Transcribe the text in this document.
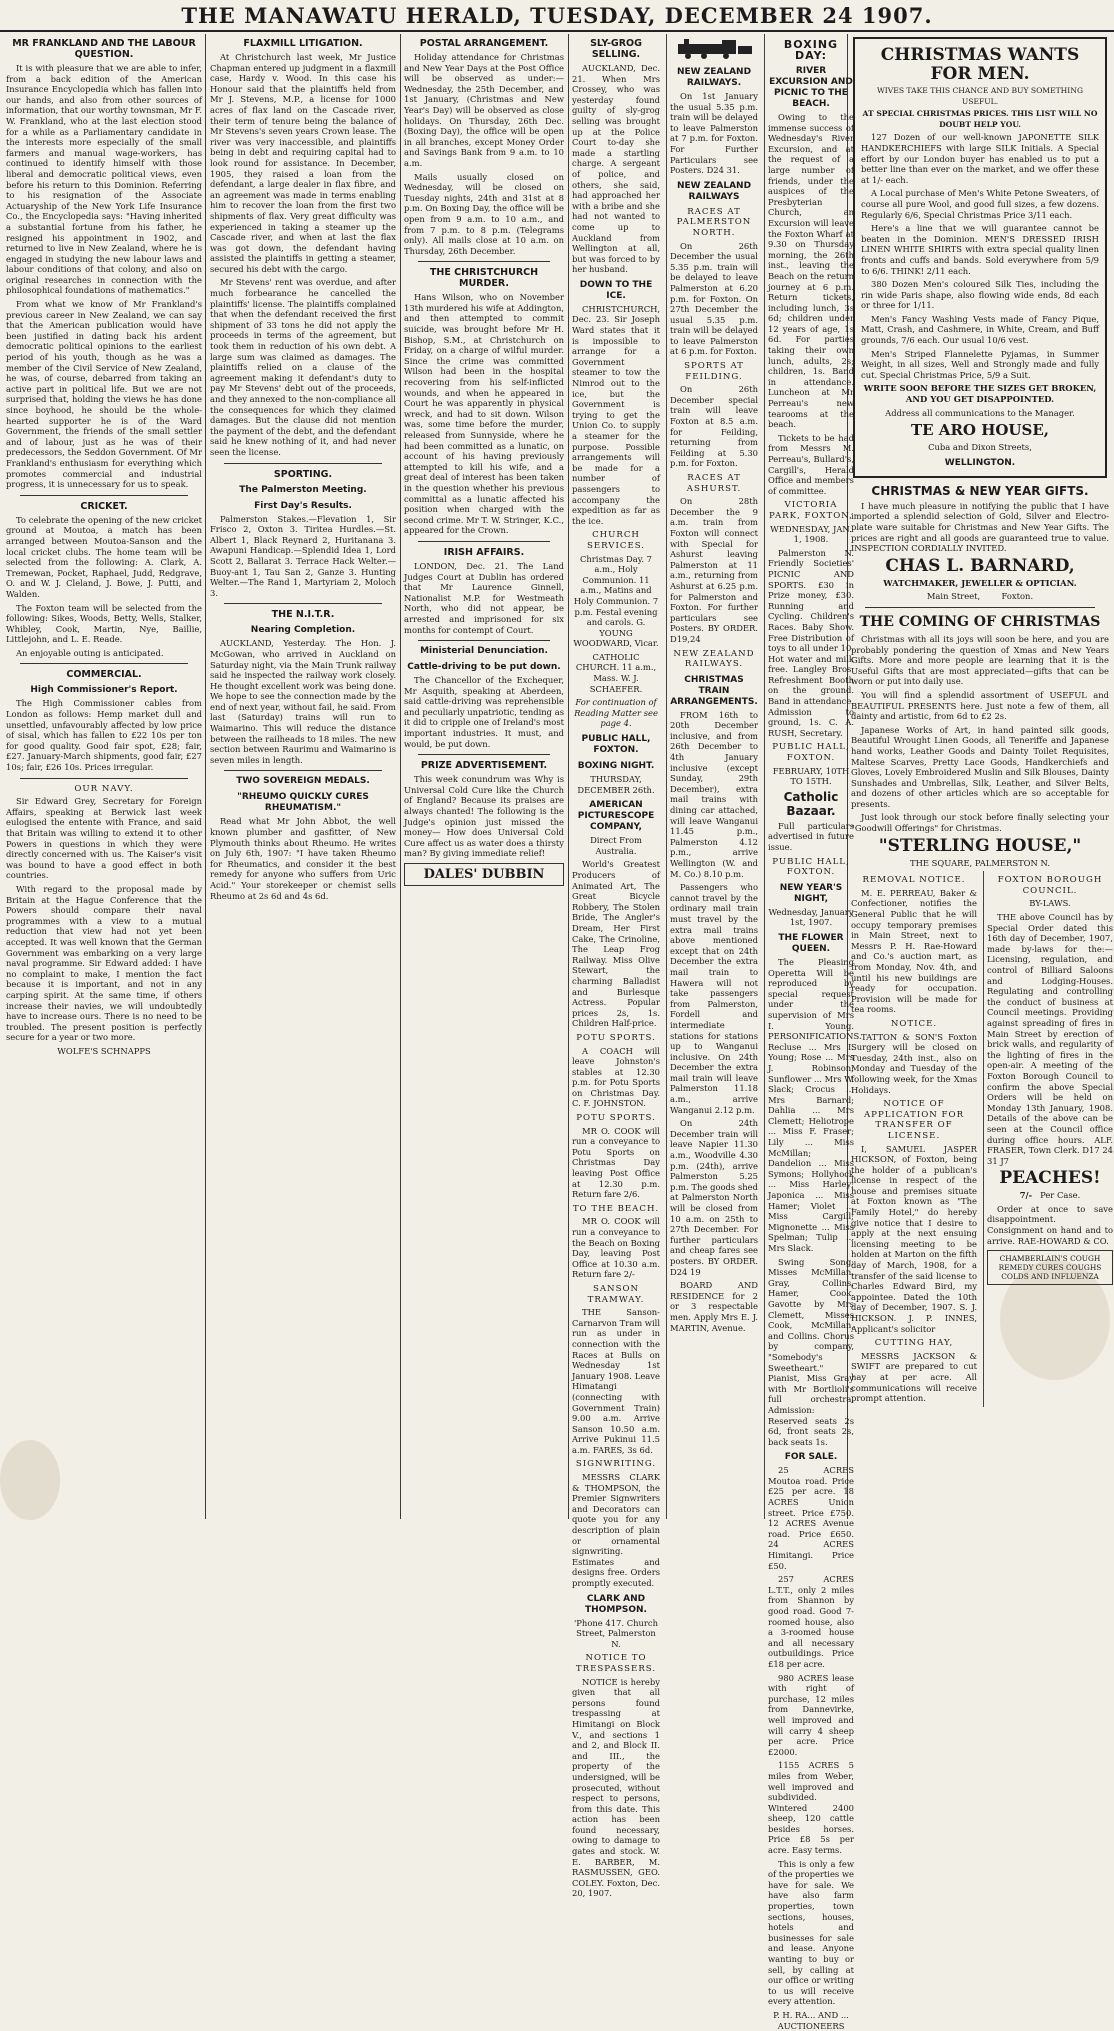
THE MANAWATU HERALD, TUESDAY, DECEMBER 24 1907.
MR FRANKLAND AND THE LABOUR QUESTION.

It is with pleasure that we are able to infer, from a back edition of the American Insurance Encyclopedia which has fallen into our hands, and also from other sources of information, that our worthy townsman, Mr F. W. Frankland, who at the last election stood for a while as a Parliamentary candidate in the interests more especially of the small farmers and manual wage-workers, has continued to identify himself with those liberal and democratic political views, even before his return to this Dominion. Referring to his resignation of the Associate Actuaryship of the New York Life Insurance Co., the Encyclopedia says: "Having inherited a substantial fortune from his father, he resigned his appointment in 1902, and returned to live in New Zealand, where he is engaged in studying the new labour laws and labour conditions of that colony, and also on original researches in connection with the philosophical foundations of mathematics."

From what we know of Mr Frankland's previous career in New Zealand, we can say that the American publication would have been justified in dating back his ardent democratic political opinions to the earliest period of his youth, though as he was a member of the Civil Service of New Zealand, he was, of course, debarred from taking an active part in political life. But we are not surprised that, holding the views he has done since boyhood, he should be the whole-hearted supporter he is of the Ward Government, the friends of the small settler and of labour, just as he was of their predecessors, the Seddon Government. Of Mr Frankland's enthusiasm for everything which promotes commercial and industrial progress, it is unnecessary for us to speak.

CRICKET.

To celebrate the opening of the new cricket ground at Moutoa, a match has been arranged between Moutoa-Sanson and the local cricket clubs. The home team will be selected from the following: A. Clark, A. Tremewan, Pocket, Raphael, Judd, Redgrave, O. and W. J. Cleland, J. Bowe, J. Putti, and Walden.

The Foxton team will be selected from the following: Sikes, Woods, Betty, Wells, Stalker, Whibley, Cook, Martin, Nye, Baillie, Littlejohn, and L. E. Reade.

An enjoyable outing is anticipated.

COMMERCIAL.
High Commissioner's Report.

The High Commissioner cables from London as follows: Hemp market dull and unsettled, unfavourably affected by low price of sisal, which has fallen to £22 10s per ton for good quality. Good fair spot, £28; fair, £27. January-March shipments, good fair, £27 10s; fair, £26 10s. Prices irregular.

OUR NAVY.

Sir Edward Grey, Secretary for Foreign Affairs, speaking at Berwick last week eulogised the entente with France, and said that Britain was willing to extend it to other Powers in questions in which they were directly concerned with us. The Kaiser's visit was bound to have a good effect in both countries.

With regard to the proposal made by Britain at the Hague Conference that the Powers should compare their naval programmes with a view to a mutual reduction that view had not yet been accepted. It was well known that the German Government was embarking on a very large naval programme. Sir Edward added: I have no complaint to make, I mention the fact because it is important, and not in any carping spirit. At the same time, if others increase their navies, we will undoubtedly have to increase ours. There is no need to be troubled. The present position is perfectly secure for a year or two more.

WOLFE'S SCHNAPPS

FLAXMILL LITIGATION.

At Christchurch last week, Mr Justice Chapman entered up judgment in a flaxmill case, Hardy v. Wood. In this case his Honour said that the plaintiffs held from Mr J. Stevens, M.P., a license for 1000 acres of flax land on the Cascade river, their term of tenure being the balance of Mr Stevens's seven years Crown lease. The river was very inaccessible, and plaintiffs being in debt and requiring capital had to look round for assistance. In December, 1905, they raised a loan from the defendant, a large dealer in flax fibre, and an agreement was made in terms enabling him to recover the loan from the first two shipments of flax. Very great difficulty was experienced in taking a steamer up the Cascade river, and when at last the flax was got down, the defendant having assisted the plaintiffs in getting a steamer, secured his debt with the cargo.

Mr Stevens' rent was overdue, and after much forbearance he cancelled the plaintiffs' license. The plaintiffs complained that when the defendant received the first shipment of 33 tons he did not apply the proceeds in terms of the agreement, but took them in reduction of his own debt. A large sum was claimed as damages. The plaintiffs relied on a clause of the agreement making it defendant's duty to pay Mr Stevens' debt out of the proceeds, and they annexed to the non-compliance all the consequences for which they claimed damages. But the clause did not mention the payment of the debt, and the defendant said he knew nothing of it, and had never seen the license.

SPORTING.
The Palmerston Meeting.
First Day's Results.

Palmerston Stakes.—Flevation 1, Sir Frisco 2, Oxton 3. Tiritea Hurdles.—St. Albert 1, Black Reynard 2, Huritanana 3. Awapuni Handicap.—Splendid Idea 1, Lord Scott 2, Ballarat 3. Terrace Hack Welter.—Buoy-ant 1, Tau San 2, Ganze 3. Hunting Welter.—The Rand 1, Martyriam 2, Moloch 3.

THE N.I.T.R.
Nearing Completion.

AUCKLAND, Yesterday. The Hon. J. McGowan, who arrived in Auckland on Saturday night, via the Main Trunk railway said he inspected the railway work closely. He thought excellent work was being done. We hope to see the connection made by the end of next year, without fail, he said. From last (Saturday) trains will run to Waimarino. This will reduce the distance between the railheads to 18 miles. The new section between Raurimu and Waimarino is seven miles in length.

TWO SOVEREIGN MEDALS.
"RHEUMO QUICKLY CURES RHEUMATISM."

Read what Mr John Abbot, the well known plumber and gasfitter, of New Plymouth thinks about Rheumo. He writes on July 6th, 1907: "I have taken Rheumo for Rheumatics, and consider it the best remedy for anyone who suffers from Uric Acid." Your storekeeper or chemist sells Rheumo at 2s 6d and 4s 6d.

POSTAL ARRANGEMENT.

Holiday attendance for Christmas and New Year Days at the Post Office will be observed as under:—Wednesday, the 25th December, and 1st January, (Christmas and New Year's Day) will be observed as close holidays. On Thursday, 26th Dec. (Boxing Day), the office will be open in all branches, except Money Order and Savings Bank from 9 a.m. to 10 a.m.

Mails usually closed on Wednesday, will be closed on Tuesday nights, 24th and 31st at 8 p.m. On Boxing Day, the office will be open from 9 a.m. to 10 a.m., and from 7 p.m. to 8 p.m. (Telegrams only). All mails close at 10 a.m. on Thursday, 26th December.

THE CHRISTCHURCH MURDER.

Hans Wilson, who on November 13th murdered his wife at Addington, and then attempted to commit suicide, was brought before Mr H. Bishop, S.M., at Christchurch on Friday, on a charge of wilful murder. Since the crime was committed Wilson had been in the hospital recovering from his self-inflicted wounds, and when he appeared in Court he was apparently in physical wreck, and had to sit down. Wilson was, some time before the murder, released from Sunnyside, where he had been committed as a lunatic, on account of his having previously attempted to kill his wife, and a great deal of interest has been taken in the question whether his previous committal as a lunatic affected his position when charged with the second crime. Mr T. W. Stringer, K.C., appeared for the Crown.

IRISH AFFAIRS.

LONDON, Dec. 21. The Land Judges Court at Dublin has ordered that Mr Laurence Ginnell, Nationalist M.P. for Westmeath North, who did not appear, be arrested and imprisoned for six months for contempt of Court.

Ministerial Denunciation.
Cattle-driving to be put down.

The Chancellor of the Exchequer, Mr Asquith, speaking at Aberdeen, said cattle-driving was reprehensible and peculiarly unpatriotic, tending as it did to cripple one of Ireland's most important industries. It must, and would, be put down.

PRIZE ADVERTISEMENT.

This week conundrum was Why is Universal Cold Cure like the Church of England? Because its praises are always chanted! The following is the Judge's opinion just missed the money— How does Universal Cold Cure affect us as water does a thirsty man? By giving immediate relief!

DALES' DUBBIN
SLY-GROG SELLING.

AUCKLAND, Dec. 21. When Mrs Crossey, who was yesterday found guilty of sly-grog selling was brought up at the Police Court to-day she made a startling charge. A sergeant of police, and others, she said, had approached her with a bribe and she had not wanted to come up to Auckland from Wellington at all, but was forced to by her husband.

DOWN TO THE ICE.

CHRISTCHURCH, Dec. 23. Sir Joseph Ward states that it is impossible to arrange for a Government steamer to tow the Nimrod out to the ice, but the Government is trying to get the Union Co. to supply a steamer for the purpose. Possible arrangements will be made for a number of passengers to accompany the expedition as far as the ice.

CHURCH SERVICES.

Christmas Day. 7 a.m., Holy Communion. 11 a.m., Matins and Holy Communion. 7 p.m. Festal evening and carols. G. YOUNG WOODWARD, Vicar.

CATHOLIC CHURCH. 11 a.m., Mass. W. J. SCHAEFER.

For continuation of Reading Matter see page 4.

PUBLIC HALL, FOXTON.
BOXING NIGHT.

THURSDAY, DECEMBER 26th.

AMERICAN PICTURESCOPE COMPANY,

Direct From Australia.

World's Greatest Producers of Animated Art, The Great Bicycle Robbery, The Stolen Bride, The Angler's Dream, Her First Cake, The Crinoline, The Leap Frog Railway. Miss Olive Stewart, the charming Balladist and Burlesque Actress. Popular prices 2s, 1s. Children Half-price.

POTU SPORTS.

A COACH will leave Johnston's stables at 12.30 p.m. for Potu Sports on Christmas Day. C. F. JOHNSTON.

POTU SPORTS.

MR O. COOK will run a conveyance to Potu Sports on Christmas Day leaving Post Office at 12.30 p.m. Return fare 2/6.

TO THE BEACH.

MR O. COOK will run a conveyance to the Beach on Boxing Day, leaving Post Office at 10.30 a.m. Return fare 2/-

SANSON TRAMWAY.

THE Sanson-Carnarvon Tram will run as under in connection with the Races at Bulls on Wednesday 1st January 1908. Leave Himatangi (connecting with Government Train) 9.00 a.m. Arrive Sanson 10.50 a.m. Arrive Pukinui 11.5 a.m. FARES, 3s 6d.

SIGNWRITING.

MESSRS CLARK & THOMPSON, the Premier Signwriters and Decorators can quote you for any description of plain or ornamental signwriting. Estimates and designs free. Orders promptly executed.

CLARK AND THOMPSON.

'Phone 417. Church Street, Palmerston N.

NOTICE TO TRESPASSERS.

NOTICE is hereby given that all persons found trespassing at Himitangi on Block V., and sections 1 and 2, and Block II. and III., the property of the undersigned, will be prosecuted, without respect to persons, from this date. This action has been found necessary, owing to damage to gates and stock. W. E. BARBER, M. RASMUSSEN, GEO. COLEY. Foxton, Dec. 20, 1907.

NEW ZEALAND RAILWAYS.

On 1st January the usual 5.35 p.m. train will be delayed to leave Palmerston at 7 p.m. for Foxton. For Further Particulars see Posters. D24 31.

NEW ZEALAND RAILWAYS
RACES AT PALMERSTON NORTH.

On 26th December the usual 5.35 p.m. train will be delayed to leave Palmerston at 6.20 p.m. for Foxton. On 27th December the usual 5.35 p.m. train will be delayed to leave Palmerston at 6 p.m. for Foxton.

SPORTS AT FEILDING.

On 26th December special train will leave Foxton at 8.5 a.m. for Feilding, returning from Feilding at 5.30 p.m. for Foxton.

RACES AT ASHURST.

On 28th December the 9 a.m. train from Foxton will connect with Special for Ashurst leaving Palmerston at 11 a.m., returning from Ashurst at 6.25 p.m. for Palmerston and Foxton. For further particulars see Posters. BY ORDER. D19,24

NEW ZEALAND RAILWAYS.
CHRISTMAS TRAIN ARRANGEMENTS.

FROM 16th to 20th December inclusive, and from 26th December to 4th January inclusive (except Sunday, 29th December), extra mail trains with dining car attached, will leave Wanganui 11.45 p.m., Palmerston 4.12 p.m., arrive Wellington (W. and M. Co.) 8.10 p.m.

Passengers who cannot travel by the ordinary mail train must travel by the extra mail trains above mentioned except that on 24th December the extra mail train to Hawera will not take passengers from Palmerston, Fordell and intermediate stations for stations up to Wanganui inclusive. On 24th December the extra mail train will leave Palmerston 11.18 a.m., arrive Wanganui 2.12 p.m.

On 24th December train will leave Napier 11.30 a.m., Woodville 4.30 p.m. (24th), arrive Palmerston 5.25 p.m. The goods shed at Palmerston North will be closed from 10 a.m. on 25th to 27th December. For further particulars and cheap fares see posters. BY ORDER. D24 19

BOARD AND RESIDENCE for 2 or 3 respectable men. Apply Mrs E. J. MARTIN, Avenue.

BOXING DAY:
RIVER EXCURSION AND PICNIC TO THE BEACH.

Owing to the immense success of Wednesday's River Excursion, and at the request of a large number of friends, under the auspices of the Presbyterian Church, an Excursion will leave the Foxton Wharf at 9.30 on Thursday morning, the 26th inst., leaving the Beach on the return journey at 6 p.m. Return tickets, including lunch, 3s 6d; children under 12 years of age, 1s 6d. For parties taking their own lunch, adults, 2s; children, 1s. Band in attendance. Luncheon at Mr Perreau's new tearooms at the beach.

Tickets to be had from Messrs M. Perreau's, Bullard's, Cargill's, Herald Office and members of committee.

VICTORIA PARK, FOXTON,

WEDNESDAY, JAN. 1, 1908.

Palmerston N. Friendly Societies' PICNIC AND SPORTS. £30 in Prize money, £30. Running and Cycling. Children's Races. Baby Show. Free Distribution of toys to all under 10. Hot water and milk free. Langley Bros. Refreshment Booth on the ground. Band in attendance. Admission to ground, 1s. C. A. RUSH, Secretary.

PUBLIC HALL, FOXTON.

FEBRUARY, 10TH TO 15TH.

Catholic Bazaar.

Full particulars advertised in future issue.

PUBLIC HALL, FOXTON.
NEW YEAR'S NIGHT,

Wednesday, January 1st, 1907.

THE FLOWER QUEEN.

The Pleasing Operetta Will be reproduced by special request under the supervision of Mrs I. Young. PERSONIFICATIONS. Recluse ... Mrs I. Young; Rose ... Mrs J. Robinson; Sunflower ... Mrs W. Slack; Crocus ... Mrs Barnard; Dahlia ... Mrs Clemett; Heliotrope ... Miss F. Fraser; Lily ... Miss McMillan; Dandelion ... Miss Symons; Hollyhock ... Miss Harley; Japonica ... Miss Hamer; Violet ... Miss Cargill; Mignonette ... Miss Spelman; Tulip ... Mrs Slack.

Swing Song: Misses McMillan, Gray, Collins, Hamer, Cook. Gavotte by Mrs Clemett, Misses Cook, McMillan, and Collins. Chorus by company, "Somebody's Sweetheart." Pianist, Miss Gray with Mr Bortlioli's full orchestra. Admission: Reserved seats 2s 6d, front seats 2s, back seats 1s.

FOR SALE.

25 ACRES Moutoa road. Price £25 per acre. 18 ACRES Union street. Price £750. 12 ACRES Avenue road. Price £650. 24 ACRES Himitangi. Price £50.

257 ACRES L.T.T., only 2 miles from Shannon by good road. Good 7-roomed house, also a 3-roomed house and all necessary outbuildings. Price £18 per acre.

980 ACRES lease with right of purchase, 12 miles from Dannevirke, well improved and will carry 4 sheep per acre. Price £2000.

1155 ACRES 5 miles from Weber, well improved and subdivided. Wintered 2400 sheep, 120 cattle besides horses. Price £8 5s per acre. Easy terms.

This is only a few of the properties we have for sale. We have also farm properties, town sections, houses, hotels and businesses for sale and lease. Anyone wanting to buy or sell, by calling at our office or writing to us will receive every attention.

P. H. RA... AND ... AUCTIONEERS

CHRISTMAS WANTS FOR MEN.

WIVES TAKE THIS CHANCE AND BUY SOMETHING USEFUL.

AT SPECIAL CHRISTMAS PRICES. THIS LIST WILL NO DOUBT HELP YOU.

127 Dozen of our well-known JAPONETTE SILK HANDKERCHIEFS with large SILK Initials. A Special effort by our London buyer has enabled us to put a better line than ever on the market, and we offer these at 1/- each.

A Local purchase of Men's White Petone Sweaters, of course all pure Wool, and good full sizes, a few dozens. Regularly 6/6, Special Christmas Price 3/11 each.

Here's a line that we will guarantee cannot be beaten in the Dominion. MEN'S DRESSED IRISH LINEN WHITE SHIRTS with extra special quality linen fronts and cuffs and bands. Sold everywhere from 5/9 to 6/6. THINK! 2/11 each.

380 Dozen Men's coloured Silk Ties, including the rin wide Paris shape, also flowing wide ends, 8d each or three for 1/11.

Men's Fancy Washing Vests made of Fancy Pique, Matt, Crash, and Cashmere, in White, Cream, and Buff grounds, 7/6 each. Our usual 10/6 vest.

Men's Striped Flannelette Pyjamas, in Summer Weight, in all sizes, Well and Strongly made and fully cut. Special Christmas Price, 5/9 a Suit.

WRITE SOON BEFORE THE SIZES GET BROKEN, AND YOU GET DISAPPOINTED.

Address all communications to the Manager.

TE ARO HOUSE,

Cuba and Dixon Streets,

WELLINGTON.
CHRISTMAS & NEW YEAR GIFTS.

I have much pleasure in notifying the public that I have imported a splendid selection of Gold, Silver and Electro-plate ware suitable for Christmas and New Year Gifts. The prices are right and all goods are guaranteed true to value. INSPECTION CORDIALLY INVITED.

CHAS L. BARNARD,

WATCHMAKER, JEWELLER & OPTICIAN.

Main Street,	Foxton.

THE COMING OF CHRISTMAS

Christmas with all its joys will soon be here, and you are probably pondering the question of Xmas and New Years Gifts. More and more people are learning that it is the Useful Gifts that are most appreciated—gifts that can be worn or put into daily use.

You will find a splendid assortment of USEFUL and BEAUTIFUL PRESENTS here. Just note a few of them, all dainty and artistic, from 6d to £2 2s.

Japanese Works of Art, in hand painted silk goods, Beautiful Wrought Linen Goods, all Teneriffe and Japanese hand works, Leather Goods and Dainty Toilet Requisites, Maltese Scarves, Pretty Lace Goods, Handkerchiefs and Gloves, Lovely Embroidered Muslin and Silk Blouses, Dainty Sunshades and Umbrellas, Silk, Leather, and Silver Belts, and dozens of other articles which are so acceptable for presents.

Just look through our stock before finally selecting your "Goodwill Offerings" for Christmas.

"STERLING HOUSE,"

THE SQUARE, PALMERSTON N.

REMOVAL NOTICE.

M. E. PERREAU, Baker & Confectioner, notifies the General Public that he will occupy temporary premises in Main Street, next to Messrs P. H. Rae-Howard and Co.'s auction mart, as from Monday, Nov. 4th, and until his new buildings are ready for occupation. Provision will be made for tea rooms.

NOTICE.

TATTON & SON'S Foxton Surgery will be closed on Tuesday, 24th inst., also on Monday and Tuesday of the following week, for the Xmas Holidays.

NOTICE OF APPLICATION FOR TRANSFER OF LICENSE.

I, SAMUEL JASPER HICKSON, of Foxton, being the holder of a publican's license in respect of the house and premises situate at Foxton known as "The Family Hotel," do hereby give notice that I desire to apply at the next ensuing licensing meeting to be holden at Marton on the fifth day of March, 1908, for a transfer of the said license to Charles Edward Bird, my appointee. Dated the 10th day of December, 1907. S. J. HICKSON. J. P. INNES, Applicant's solicitor

CUTTING HAY,

MESSRS JACKSON & SWIFT are prepared to cut hay at per acre. All communications will receive prompt attention.

FOXTON BOROUGH COUNCIL.

BY-LAWS.

THE above Council has by Special Order dated this 16th day of December, 1907, made by-laws for the:— Licensing, regulation, and control of Billiard Saloons and Lodging-Houses. Regulating and controlling the conduct of business at Council meetings. Providing against spreading of fires in Main Street by erection of brick walls, and regularity of the lighting of fires in the open-air. A meeting of the Foxton Borough Council to confirm the above Special Orders will be held on Monday 13th January, 1908. Details of the above can be seen at the Council office during office hours. ALF. FRASER, Town Clerk. D17 24 31 J7

PEACHES!

7/- Per Case.

Order at once to save disappointment. Consignment on hand and to arrive. RAE-HOWARD & CO.

CHAMBERLAIN'S COUGH REMEDY CURES COUGHS COLDS AND INFLUENZA
